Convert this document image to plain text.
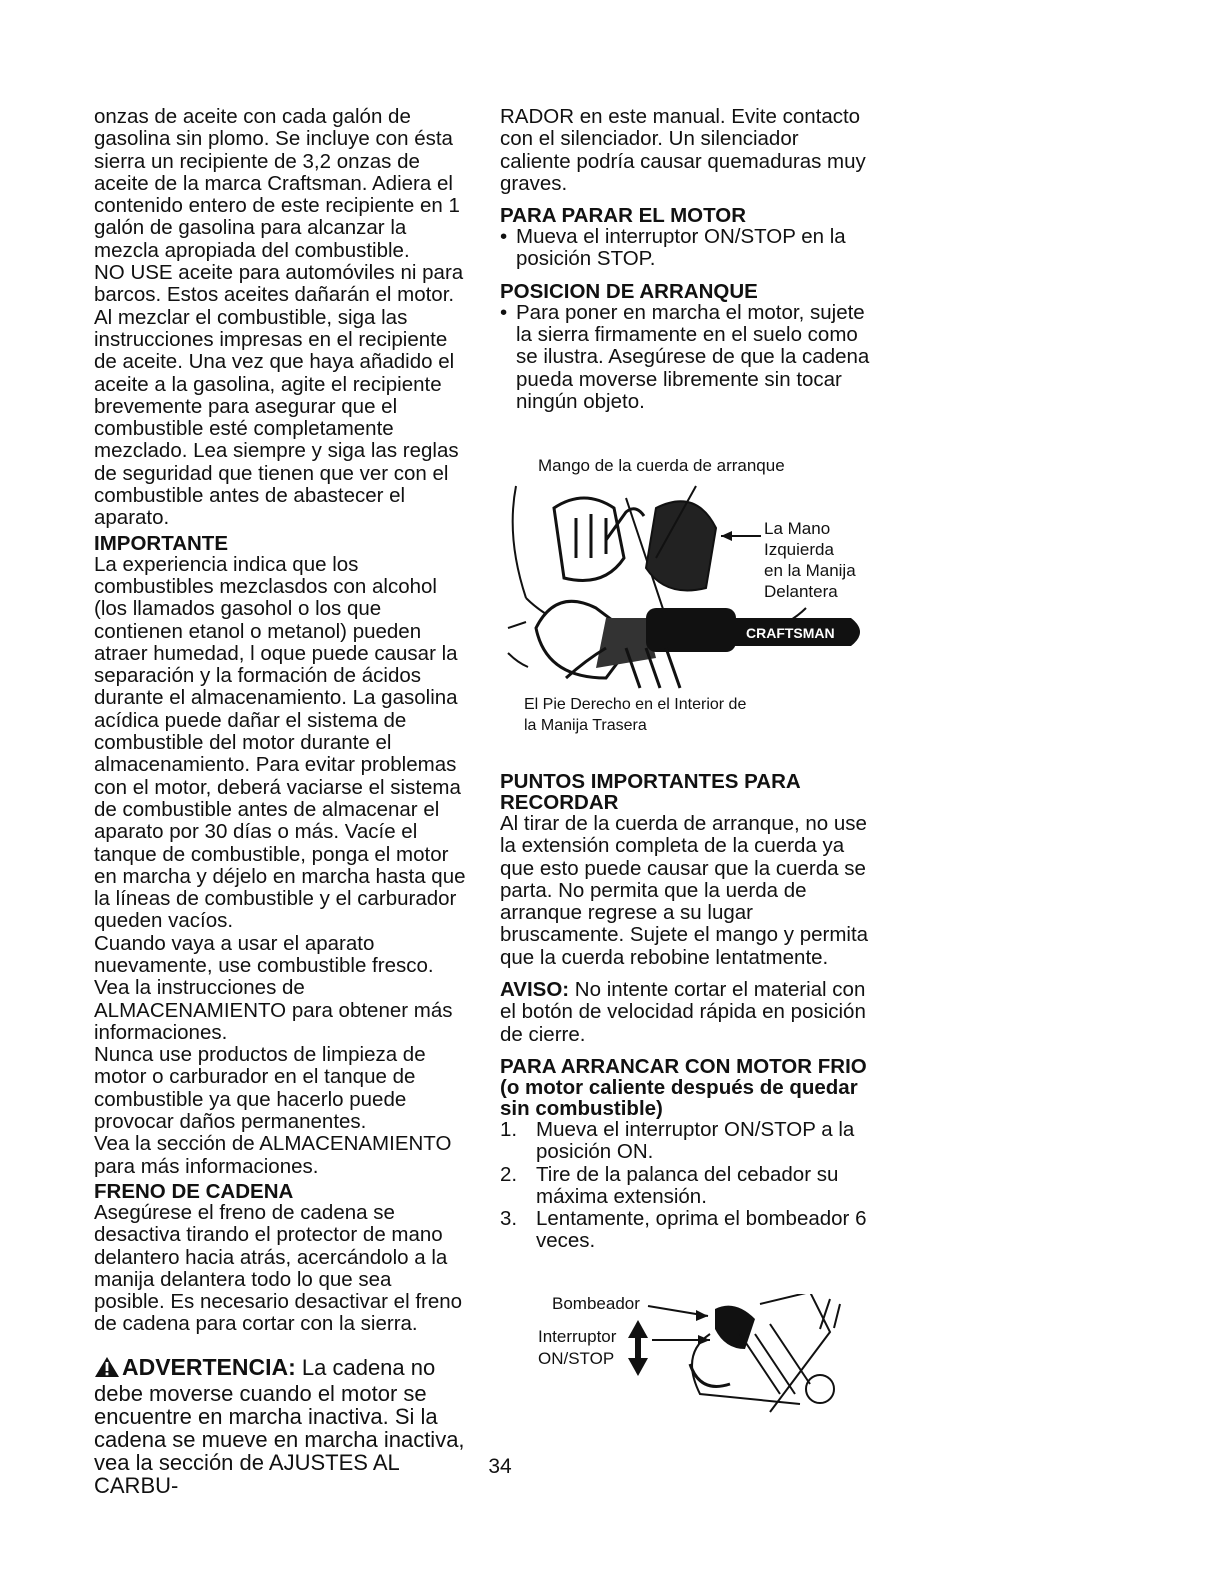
onzas de aceite con cada galón de gasolina sin plomo. Se incluye con ésta sierra un recipiente de 3,2 onzas de aceite de la marca Craftsman. Adiera el contenido entero de este recipiente en 1 galón de gasolina para alcanzar la mezcla apropiada del combustible.

NO USE aceite para automóviles ni para barcos. Estos aceites dañarán el motor.

Al mezclar el combustible, siga las instrucciones impresas en el recipiente de aceite. Una vez que haya añadido el aceite a la gasolina, agite el recipiente brevemente para asegurar que el combustible esté completamente mezclado. Lea siempre y siga las reglas de seguridad que tienen que ver con el combustible antes de abastecer el aparato.

IMPORTANTE

La experiencia indica que los combustibles mezclasdos con alcohol (los llamados gasohol o los que contienen etanol o metanol) pueden atraer humedad, l oque puede causar la separación y la formación de ácidos durante el almacenamiento. La gasolina acídica puede dañar el sistema de combustible del motor durante el almacenamiento. Para evitar problemas con el motor, deberá vaciarse el sistema de combustible antes de almacenar el aparato por 30 días o más. Vacíe el tanque de combustible, ponga el motor en marcha y déjelo en marcha hasta que la líneas de combustible y el carburador queden vacíos.

Cuando vaya a usar el aparato nuevamente, use combustible fresco. Vea la instrucciones de ALMACENAMIENTO para obtener más informaciones.

Nunca use productos de limpieza de motor o carburador en el tanque de combustible ya que hacerlo puede provocar daños permanentes.

Vea la sección de ALMACENAMIENTO para más informaciones.

FRENO DE CADENA

Asegúrese el freno de cadena se desactiva tirando el protector de mano delantero hacia atrás, acercándolo a la manija delantera todo lo que sea posible. Es necesario desactivar el freno de cadena para cortar con la sierra.

ADVERTENCIA: La cadena no debe moverse cuando el motor se encuentre en marcha inactiva. Si la cadena se mueve en marcha inactiva, vea la sección de AJUSTES AL CARBU-

RADOR en este manual. Evite contacto con el silenciador. Un silenciador caliente podría causar quemaduras muy graves.

PARA PARAR EL MOTOR

• Mueva el interruptor ON/STOP en la posición STOP.

POSICION DE ARRANQUE

• Para poner en marcha el motor, sujete la sierra firmamente en el suelo como se ilustra. Asegúrese de que la cadena pueda moverse libremente sin tocar ningún objeto.
Mango de la cuerda de arranque
CRAFTSMAN
La Mano
Izquierda
en la Manija
Delantera
El Pie Derecho en el Interior de
la Manija Trasera

PUNTOS IMPORTANTES PARA RECORDAR

Al tirar de la cuerda de arranque, no use la extensión completa de la cuerda ya que esto puede causar que la cuerda se parta. No permita que la uerda de arranque regrese a su lugar bruscamente. Sujete el mango y permita que la cuerda rebobine lentatmente.

AVISO: No intente cortar el material con el botón de velocidad rápida en posición de cierre.

PARA ARRANCAR CON MOTOR FRIO (o motor caliente después de quedar sin combustible)

1. Mueva el interruptor ON/STOP a la posición ON.
2. Tire de la palanca del cebador su máxima extensión.
3. Lentamente, oprima el bombeador 6 veces.
Bombeador
Interruptor
ON/STOP
34
